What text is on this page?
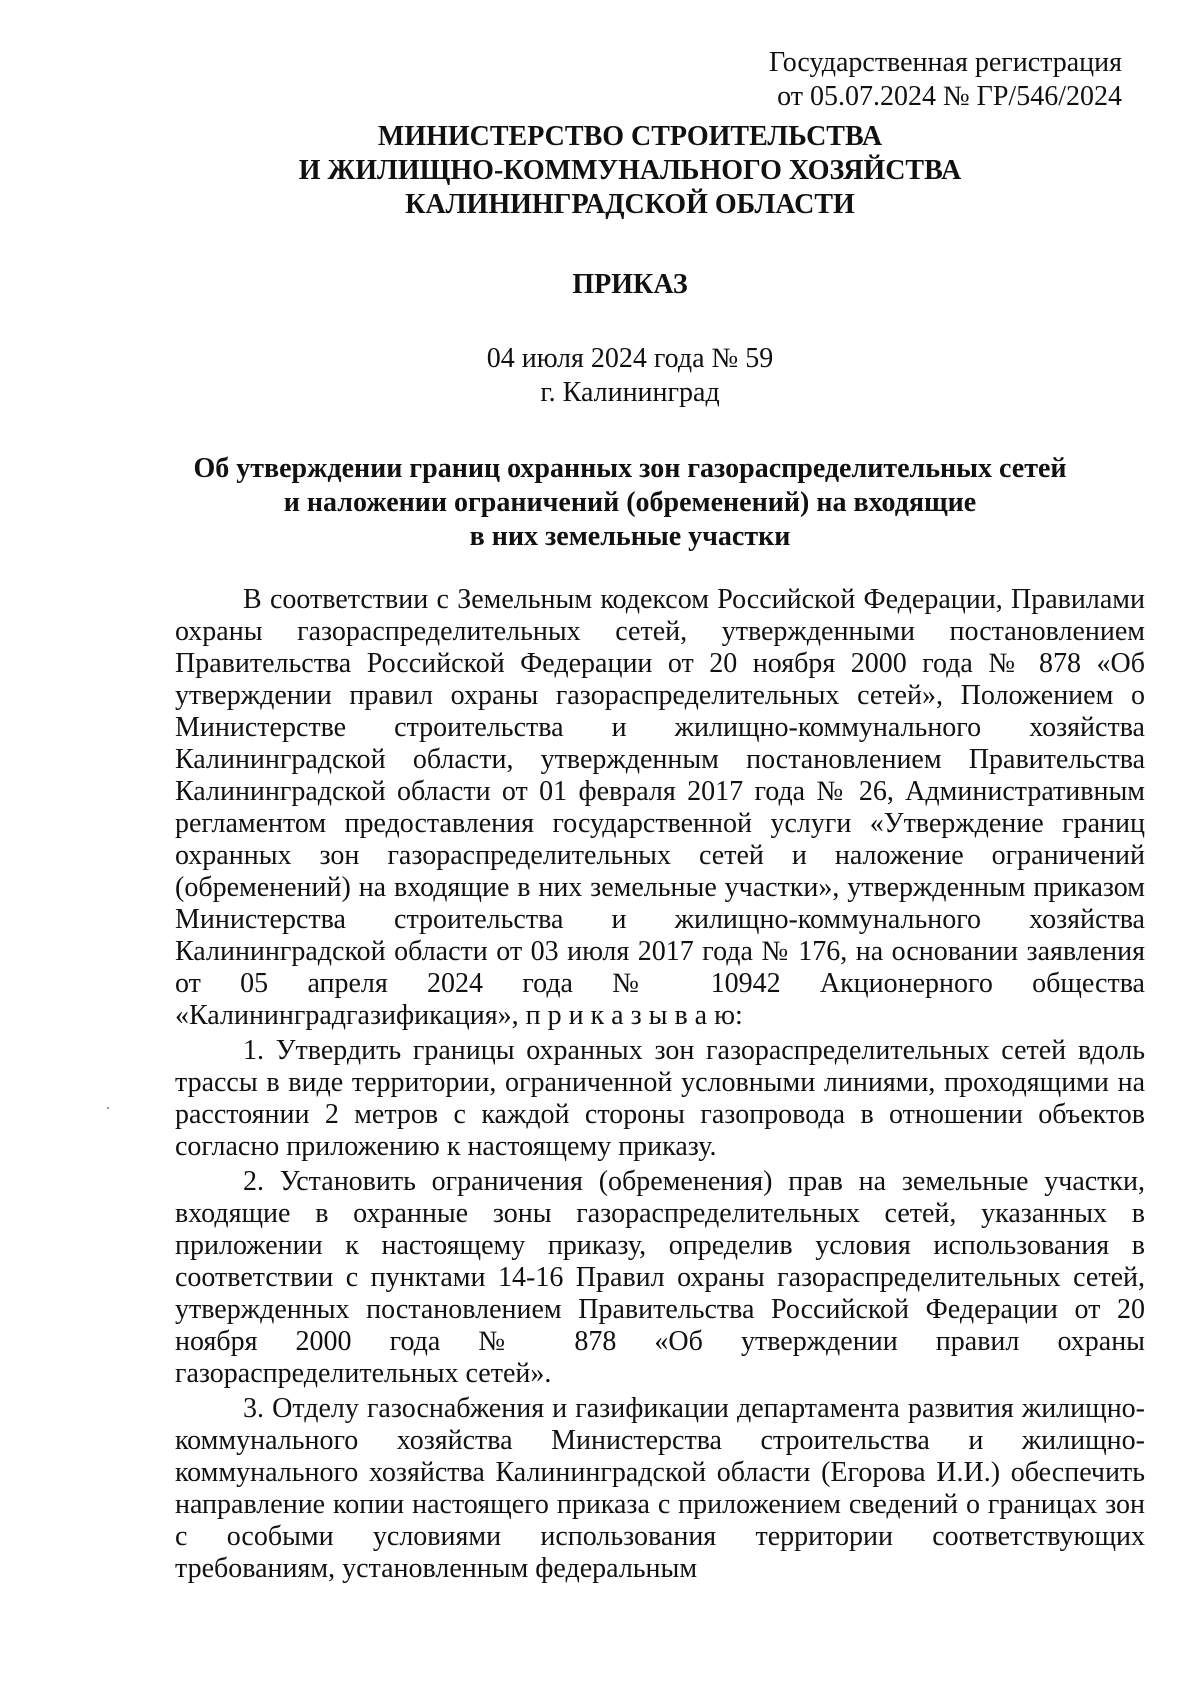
Государственная регистрация
от 05.07.2024 № ГР/546/2024
МИНИСТЕРСТВО СТРОИТЕЛЬСТВА
И ЖИЛИЩНО-КОММУНАЛЬНОГО ХОЗЯЙСТВА
КАЛИНИНГРАДСКОЙ ОБЛАСТИ
ПРИКАЗ
04 июля 2024 года № 59
г. Калининград
Об утверждении границ охранных зон газораспределительных сетей
и наложении ограничений (обременений) на входящие
в них земельные участки

В соответствии с Земельным кодексом Российской Федерации, Правилами охраны газораспределительных сетей, утвержденными постановлением Правительства Российской Федерации от 20 ноября 2000 года № 878 «Об утверждении правил охраны газораспределительных сетей», Положением о Министерстве строительства и жилищно-коммунального хозяйства Калининградской области, утвержденным постановлением Правительства Калининградской области от 01 февраля 2017 года № 26, Административным регламентом предоставления государственной услуги «Утверждение границ охранных зон газораспределительных сетей и наложение ограничений (обременений) на входящие в них земельные участки», утвержденным приказом Министерства строительства и жилищно-коммунального хозяйства Калининградской области от 03 июля 2017 года № 176, на основании заявления от 05 апреля 2024 года № 10942 Акционерного общества «Калининградгазификация», п р и к а з ы в а ю:

1. Утвердить границы охранных зон газораспределительных сетей вдоль трассы в виде территории, ограниченной условными линиями, проходящими на расстоянии 2 метров с каждой стороны газопровода в отношении объектов согласно приложению к настоящему приказу.

2. Установить ограничения (обременения) прав на земельные участки, входящие в охранные зоны газораспределительных сетей, указанных в приложении к настоящему приказу, определив условия использования в соответствии с пунктами 14-16 Правил охраны газораспределительных сетей, утвержденных постановлением Правительства Российской Федерации от 20 ноября 2000 года № 878 «Об утверждении правил охраны газораспределительных сетей».

3. Отделу газоснабжения и газификации департамента развития жилищно-коммунального хозяйства Министерства строительства и жилищно-коммунального хозяйства Калининградской области (Егорова И.И.) обеспечить направление копии настоящего приказа с приложением сведений о границах зон с особыми условиями использования территории соответствующих требованиям, установленным федеральным
